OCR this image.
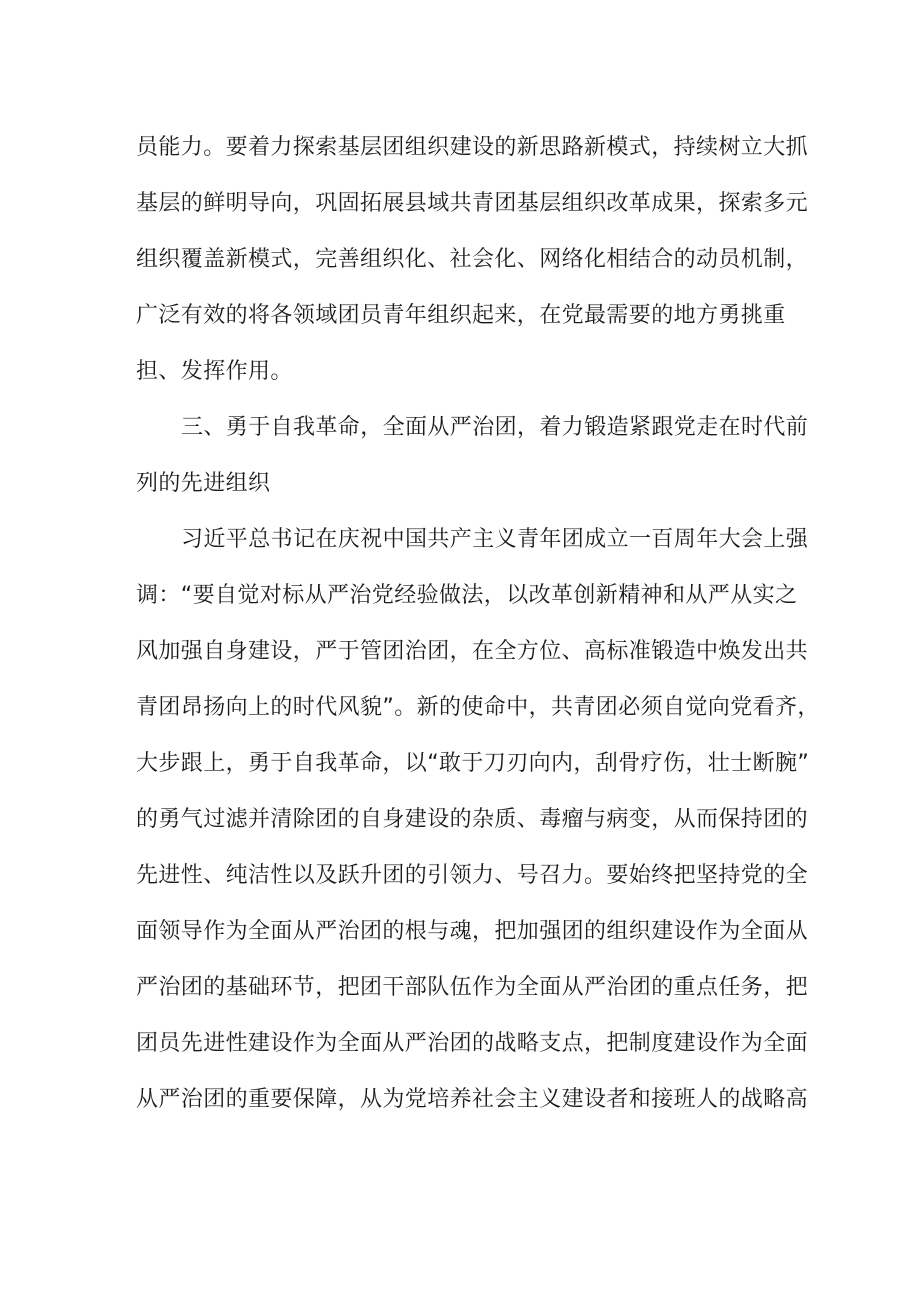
员能力。要着力探索基层团组织建设的新思路新模式，持续树立大抓
基层的鲜明导向，巩固拓展县域共青团基层组织改革成果，探索多元
组织覆盖新模式，完善组织化、社会化、网络化相结合的动员机制，
广泛有效的将各领域团员青年组织起来，在党最需要的地方勇挑重
担、发挥作用。
三、勇于自我革命，全面从严治团，着力锻造紧跟党走在时代前
列的先进组织
习近平总书记在庆祝中国共产主义青年团成立一百周年大会上强
调：“要自觉对标从严治党经验做法，以改革创新精神和从严从实之
风加强自身建设，严于管团治团，在全方位、高标准锻造中焕发出共
青团昂扬向上的时代风貌”。新的使命中，共青团必须自觉向党看齐，
大步跟上，勇于自我革命，以“敢于刀刃向内，刮骨疗伤，壮士断腕”
的勇气过滤并清除团的自身建设的杂质、毒瘤与病变，从而保持团的
先进性、纯洁性以及跃升团的引领力、号召力。要始终把坚持党的全
面领导作为全面从严治团的根与魂，把加强团的组织建设作为全面从
严治团的基础环节，把团干部队伍作为全面从严治团的重点任务，把
团员先进性建设作为全面从严治团的战略支点，把制度建设作为全面
从严治团的重要保障，从为党培养社会主义建设者和接班人的战略高
